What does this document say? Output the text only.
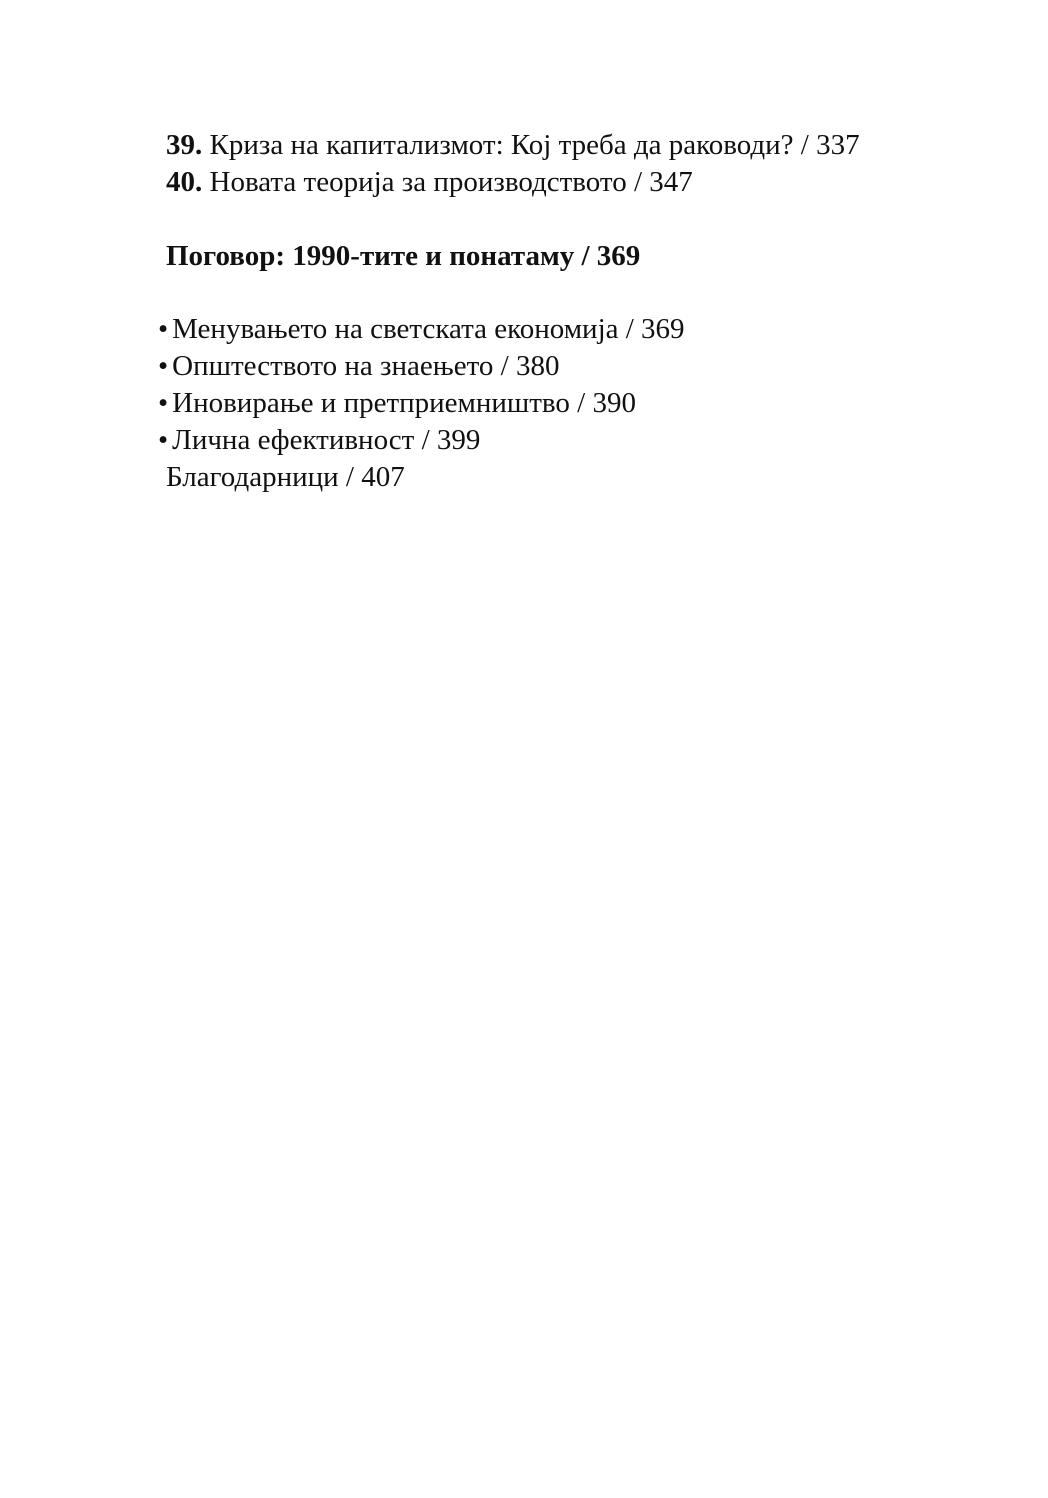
39. Криза на капитализмот: Кој треба да раководи? / 337
40. Новата теорија за производството / 347
Поговор: 1990-тите и понатаму / 369
• Менувањето на светската економија / 369
• Општеството на знаењето / 380
• Иновирање и претприемништво / 390
• Лична ефективност / 399
Благодарници / 407
